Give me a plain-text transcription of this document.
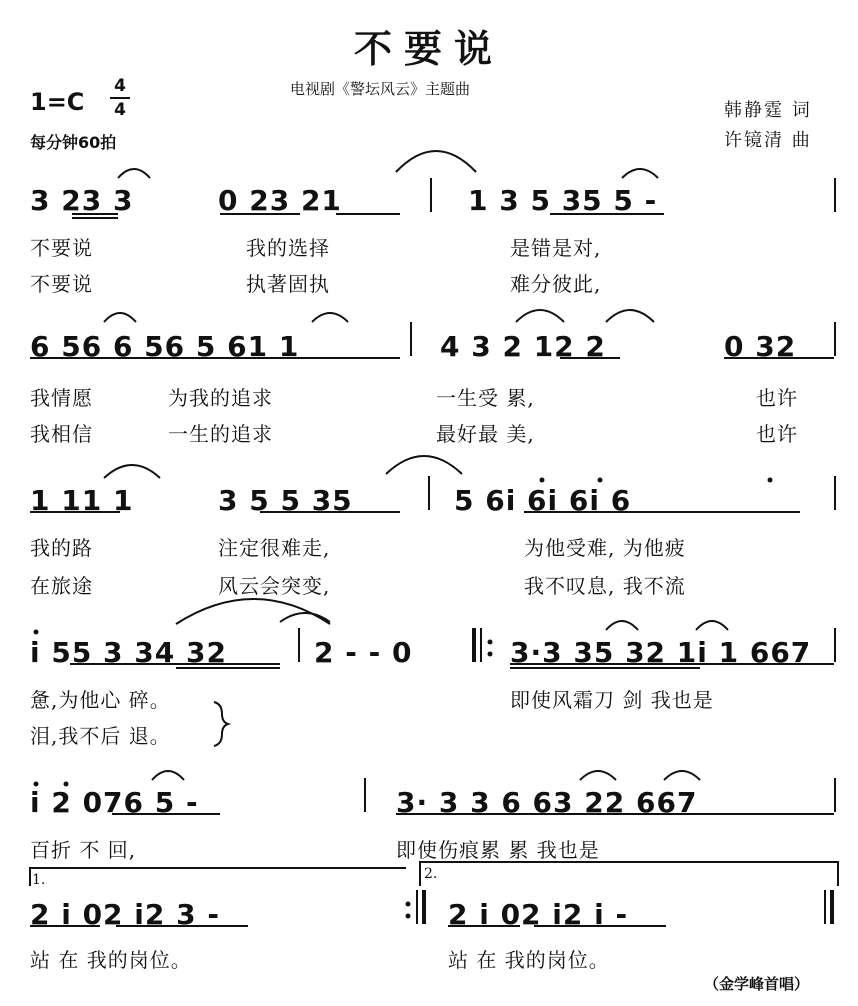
不要说
1=C
4
4
每分钟60拍
电视剧《警坛风云》主题曲
韩静霆 词
许镜清 曲
3 23 3	0 23 21	1 3 5 35 5 -
不要说	我的选择	是错是对,
不要说	执著固执	难分彼此,
6 56 6 56 5 61 1	4 3 2 12 2	0 32
我情愿	为我的追求	一生受 累,	也许
我相信	一生的追求	最好最 美,	也许
1 11 1	3 5 5 35	5 6i 6i 6i 6
我的路	注定很难走,	为他受难, 为他疲
在旅途	风云会突变,	我不叹息, 我不流
i 55 3 34 32	2 - - 0	3·3 35 32 1i 1 667
惫,为他心 碎。	即使风霜刀 剑 我也是
泪,我不后 退。
i 2 076 5 -	3· 3 3 6 63 22 667
百折 不 回,	即使伤痕累 累 我也是
1.	2.
2 i 02 i2 3 -	2 i 02 i2 i -
站 在 我的岗位。	站 在 我的岗位。
（金学峰首唱）
